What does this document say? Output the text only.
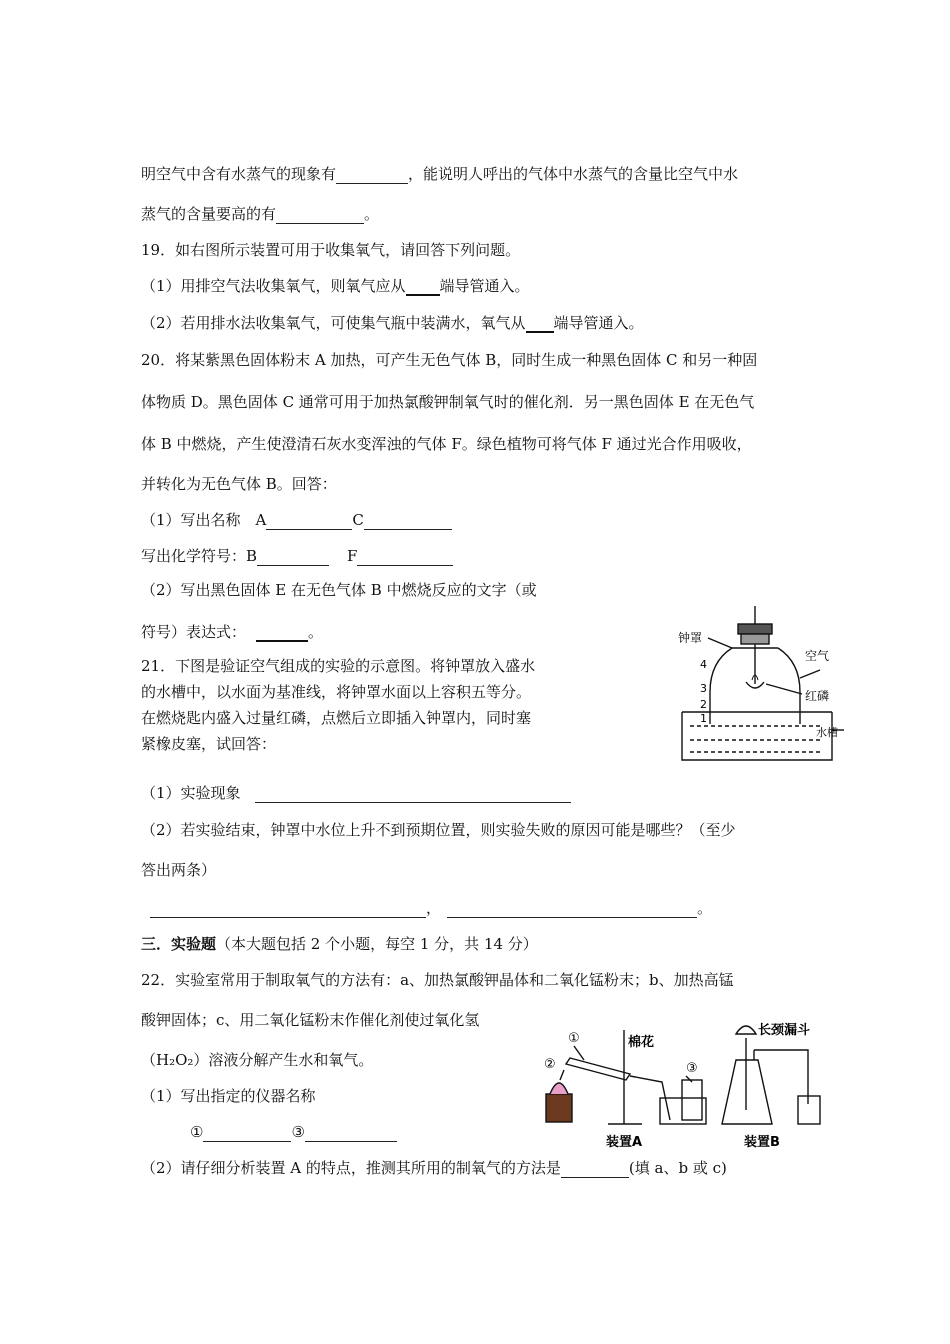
明空气中含有水蒸气的现象有	，能说明人呼出的气体中水蒸气的含量比空气中水
蒸气的含量要高的有	。
19．如右图所示装置可用于收集氧气，请回答下列问题。
（1）用排空气法收集氧气，则氧气应从 端导管通入。
（2）若用排水法收集氧气，可使集气瓶中装满水，氧气从 端导管通入。
20．将某紫黑色固体粉末 A 加热，可产生无色气体 B，同时生成一种黑色固体 C 和另一种固
体物质 D。黑色固体 C 通常可用于加热氯酸钾制氧气时的催化剂．另一黑色固体 E 在无色气
体 B 中燃烧，产生使澄清石灰水变浑浊的气体 F。绿色植物可将气体 F 通过光合作用吸收，
并转化为无色气体 B。回答：
（1）写出名称　A	C
写出化学符号：B	F
（2）写出黑色固体 E 在无色气体 B 中燃烧反应的文字（或
符号）表达式：	。
21．下图是验证空气组成的实验的示意图。将钟罩放入盛水
的水槽中，以水面为基准线，将钟罩水面以上容积五等分。
在燃烧匙内盛入过量红磷，点燃后立即插入钟罩内，同时塞
紧橡皮塞，试回答：
（1）实验现象
（2）若实验结束，钟罩中水位上升不到预期位置，则实验失败的原因可能是哪些？（至少
答出两条）
，	。
三．实验题（本大题包括 2 个小题，每空 1 分，共 14 分）
22．实验室常用于制取氧气的方法有：a、加热氯酸钾晶体和二氧化锰粉末；b、加热高锰
酸钾固体；c、用二氧化锰粉末作催化剂使过氧化氢
（H₂O₂）溶液分解产生水和氧气。
（1）写出指定的仪器名称
①	③
（2）请仔细分析装置 A 的特点，推测其所用的制氧气的方法是	(填 a、b 或 c)
钟罩
空气
红磷
水槽
4
3
2
1
①
②	③
棉花
长颈漏斗
装置A	装置B
